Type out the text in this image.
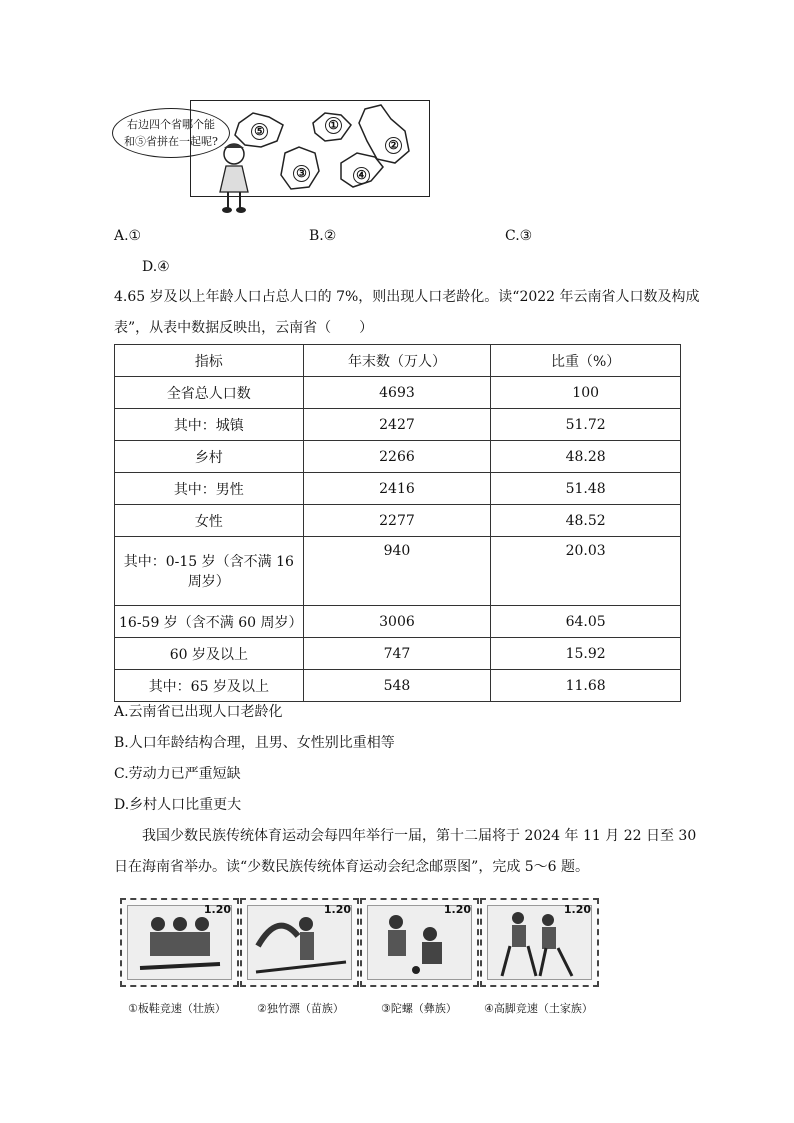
右边四个省哪个能
和⑤省拼在一起呢?
⑤	①
②
③	④
A.①	B.②	C.③
D.④
4.65 岁及以上年龄人口占总人口的 7%，则出现人口老龄化。读“2022 年云南省人口数及构成
表”，从表中数据反映出，云南省（　　）
指标	年末数（万人）	比重（%）
全省总人口数	4693	100
其中：城镇	2427	51.72
乡村	2266	48.28
其中：男性	2416	51.48
女性	2277	48.52

其中：0-15 岁（含不满 16
周岁）	940	20.03
16-59 岁（含不满 60 周岁）	3006	64.05
60 岁及以上	747	15.92
其中：65 岁及以上	548	11.68
A.云南省已出现人口老龄化
B.人口年龄结构合理，且男、女性别比重相等
C.劳动力已严重短缺
D.乡村人口比重更大
我国少数民族传统体育运动会每四年举行一届，第十二届将于 2024 年 11 月 22 日至 30
日在海南省举办。读“少数民族传统体育运动会纪念邮票图”，完成 5～6 题。
1.20	1.20	1.20	1.20
①板鞋竞速（壮族）	②独竹漂（苗族）	③陀螺（彝族） ④高脚竞速（土家族）
